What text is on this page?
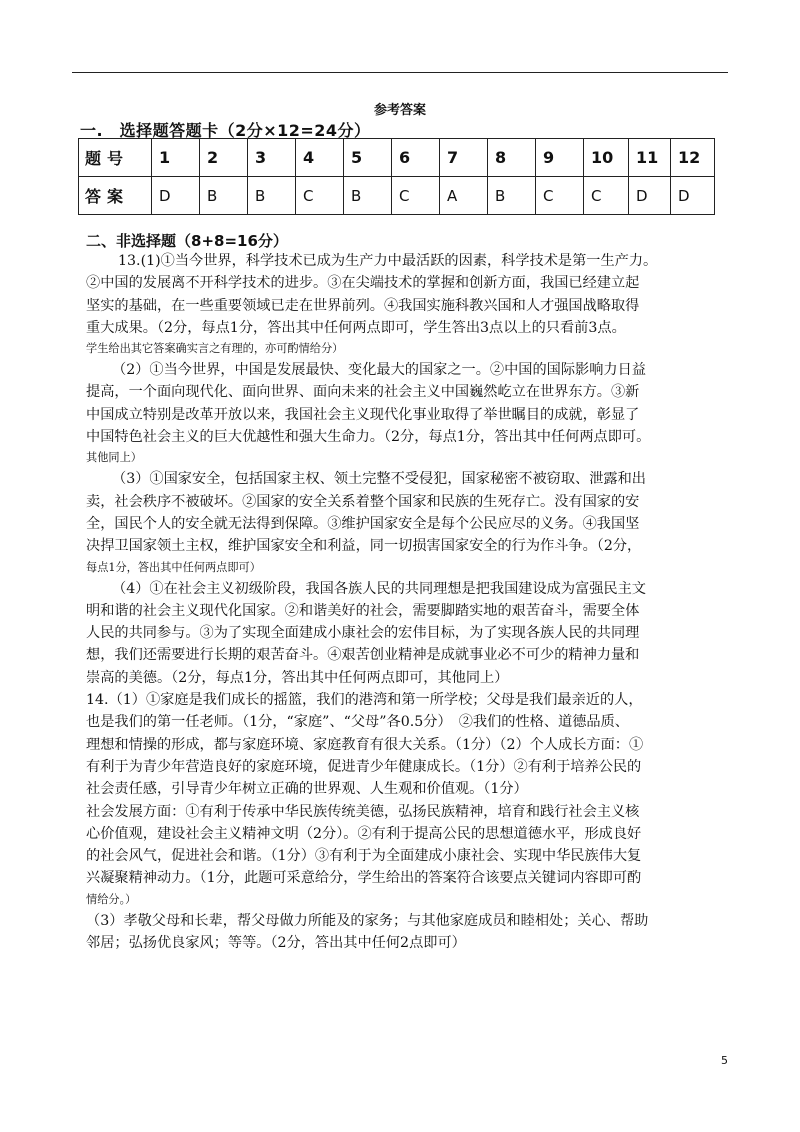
参考答案
一.　选择题答题卡（2分×12=24分）
题号	1	2	3	4	5	6	7	8	9	10	11	12
答案	D	B	B	C	B	C	A	B	C	C	D	D
二、非选择题（8+8=16分）
13.(1)①当今世界，科学技术已成为生产力中最活跃的因素，科学技术是第一生产力。
②中国的发展离不开科学技术的进步。③在尖端技术的掌握和创新方面，我国已经建立起
坚实的基础，在一些重要领域已走在世界前列。④我国实施科教兴国和人才强国战略取得
重大成果。（2分，每点1分，答出其中任何两点即可，学生答出3点以上的只看前3点。
学生给出其它答案确实言之有理的，亦可酌情给分）
（2）①当今世界，中国是发展最快、变化最大的国家之一。②中国的国际影响力日益
提高，一个面向现代化、面向世界、面向未来的社会主义中国巍然屹立在世界东方。③新
中国成立特别是改革开放以来，我国社会主义现代化事业取得了举世瞩目的成就，彰显了
中国特色社会主义的巨大优越性和强大生命力。（2分，每点1分，答出其中任何两点即可。
其他同上）
（3）①国家安全，包括国家主权、领土完整不受侵犯，国家秘密不被窃取、泄露和出
卖，社会秩序不被破坏。②国家的安全关系着整个国家和民族的生死存亡。没有国家的安
全，国民个人的安全就无法得到保障。③维护国家安全是每个公民应尽的义务。④我国坚
决捍卫国家领土主权，维护国家安全和利益，同一切损害国家安全的行为作斗争。（2分，
每点1分，答出其中任何两点即可）
（4）①在社会主义初级阶段，我国各族人民的共同理想是把我国建设成为富强民主文
明和谐的社会主义现代化国家。②和谐美好的社会，需要脚踏实地的艰苦奋斗，需要全体
人民的共同参与。③为了实现全面建成小康社会的宏伟目标，为了实现各族人民的共同理
想，我们还需要进行长期的艰苦奋斗。④艰苦创业精神是成就事业必不可少的精神力量和
崇高的美德。（2分，每点1分，答出其中任何两点即可，其他同上）
14.（1）①家庭是我们成长的摇篮，我们的港湾和第一所学校；父母是我们最亲近的人，
也是我们的第一任老师。（1分，“家庭”、“父母”各0.5分）　②我们的性格、道德品质、
理想和情操的形成，都与家庭环境、家庭教育有很大关系。（1分）（2）个人成长方面：①
有利于为青少年营造良好的家庭环境，促进青少年健康成长。（1分）②有利于培养公民的
社会责任感，引导青少年树立正确的世界观、人生观和价值观。（1分）
社会发展方面：①有利于传承中华民族传统美德，弘扬民族精神，培育和践行社会主义核
心价值观，建设社会主义精神文明（2分）。②有利于提高公民的思想道德水平，形成良好
的社会风气，促进社会和谐。（1分）③有利于为全面建成小康社会、实现中华民族伟大复
兴凝聚精神动力。（1分，此题可采意给分，学生给出的答案符合该要点关键词内容即可酌
情给分。）
（3）孝敬父母和长辈，帮父母做力所能及的家务；与其他家庭成员和睦相处；关心、帮助
邻居；弘扬优良家风；等等。（2分，答出其中任何2点即可）
5
